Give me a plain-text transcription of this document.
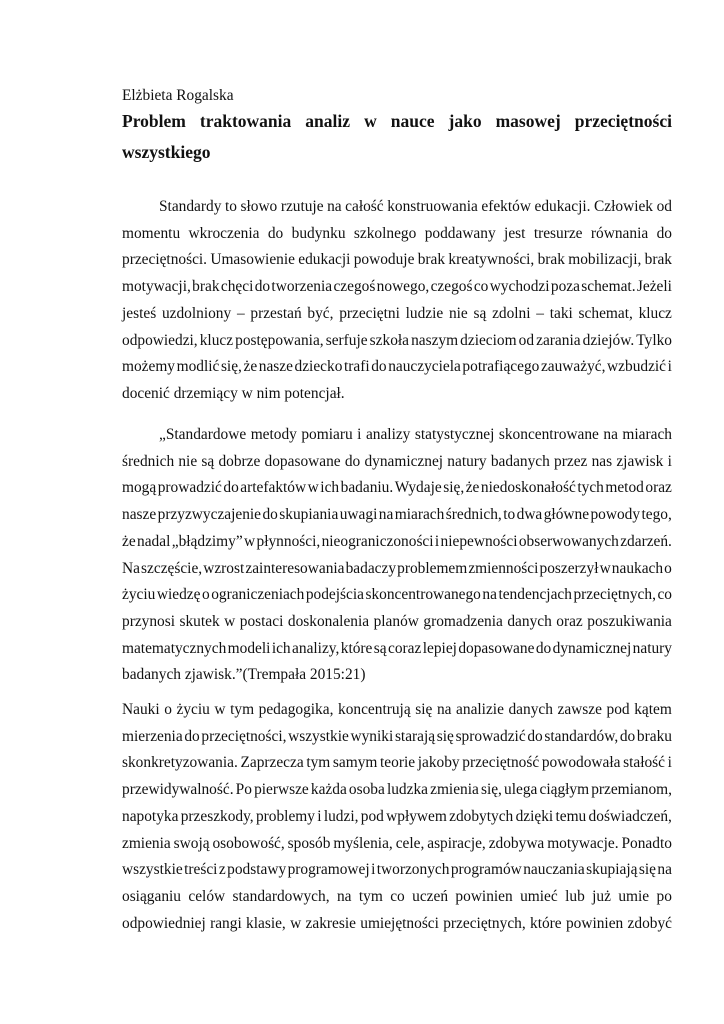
Elżbieta Rogalska
Problem traktowania analiz w nauce jako masowej przeciętności
wszystkiego
Standardy to słowo rzutuje na całość konstruowania efektów edukacji. Człowiek od
momentu wkroczenia do budynku szkolnego poddawany jest tresurze równania do
przeciętności. Umasowienie edukacji powoduje brak kreatywności, brak mobilizacji, brak
motywacji, brak chęci do tworzenia czegoś nowego, czegoś co wychodzi poza schemat. Jeżeli
jesteś uzdolniony – przestań być, przeciętni ludzie nie są zdolni – taki schemat, klucz
odpowiedzi, klucz postępowania, serfuje szkoła naszym dzieciom od zarania dziejów. Tylko
możemy modlić się, że nasze dziecko trafi do nauczyciela potrafiącego zauważyć, wzbudzić i
docenić drzemiący w nim potencjał.
„Standardowe metody pomiaru i analizy statystycznej skoncentrowane na miarach
średnich nie są dobrze dopasowane do dynamicznej natury badanych przez nas zjawisk i
mogą prowadzić do artefaktów w ich badaniu. Wydaje się, że niedoskonałość tych metod oraz
nasze przyzwyczajenie do skupiania uwagi na miarach średnich, to dwa główne powody tego,
że nadal „błądzimy” w płynności, nieograniczoności i niepewności obserwowanych zdarzeń.
Na szczęście, wzrost zainteresowania badaczy problemem zmienności poszerzył w naukach o
życiu wiedzę o ograniczeniach podejścia skoncentrowanego na tendencjach przeciętnych, co
przynosi skutek w postaci doskonalenia planów gromadzenia danych oraz poszukiwania
matematycznych modeli ich analizy, które są coraz lepiej dopasowane do dynamicznej natury
badanych zjawisk.”(Trempała 2015:21)
Nauki o życiu w tym pedagogika, koncentrują się na analizie danych zawsze pod kątem
mierzenia do przeciętności, wszystkie wyniki starają się sprowadzić do standardów, do braku
skonkretyzowania. Zaprzecza tym samym teorie jakoby przeciętność powodowała stałość i
przewidywalność. Po pierwsze każda osoba ludzka zmienia się, ulega ciągłym przemianom,
napotyka przeszkody, problemy i ludzi, pod wpływem zdobytych dzięki temu doświadczeń,
zmienia swoją osobowość, sposób myślenia, cele, aspiracje, zdobywa motywacje. Ponadto
wszystkie treści z podstawy programowej i tworzonych programów nauczania skupiają się na
osiąganiu celów standardowych, na tym co uczeń powinien umieć lub już umie po
odpowiedniej rangi klasie, w zakresie umiejętności przeciętnych, które powinien zdobyć
